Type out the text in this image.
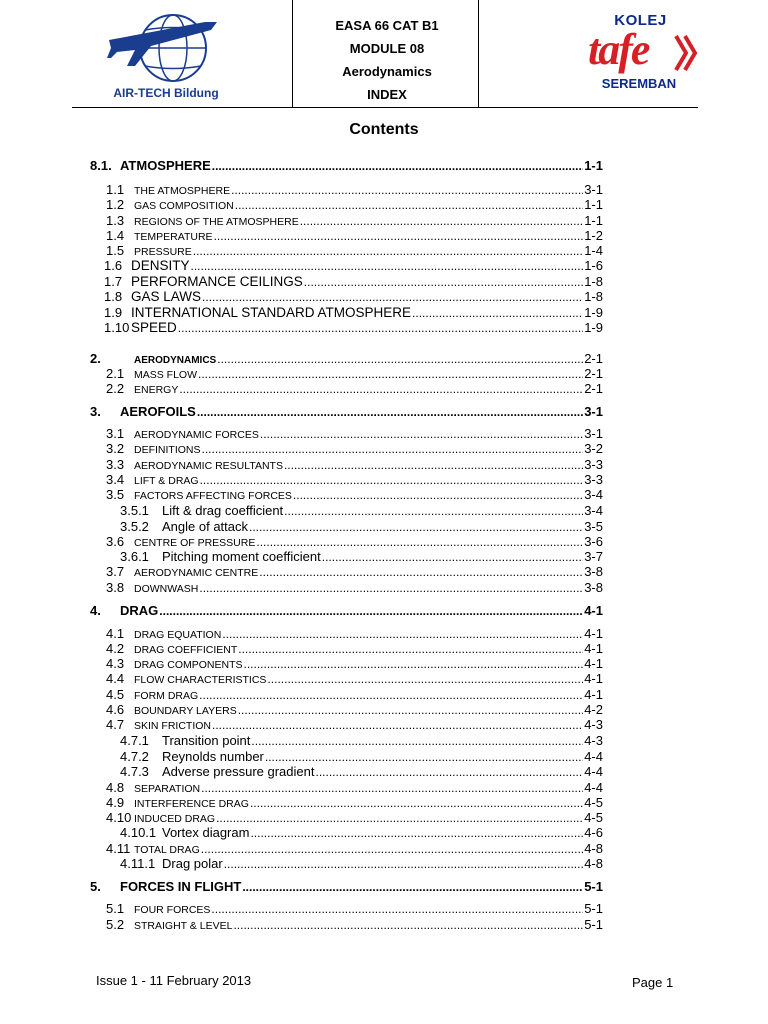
AIR-TECH Bildung
EASA 66 CAT B1
MODULE 08
Aerodynamics
INDEX
KOLEJ
tafe
SEREMBAN
Contents
8.1. ATMOSPHERE .....	1-1
1.1 THE ATMOSPHERE .....	3-1
1.2 GAS COMPOSITION .....	1-1
1.3 REGIONS OF THE ATMOSPHERE .....	1-1
1.4 TEMPERATURE .....	1-2
1.5 PRESSURE .....	1-4
1.6 DENSITY .....	1-6
1.7 PERFORMANCE CEILINGS .....	1-8
1.8 GAS LAWS .....	1-8
1.9 INTERNATIONAL STANDARD ATMOSPHERE .....	1-9
1.10 SPEED .....	1-9
2.	AERODYNAMICS .....	2-1
2.1 MASS FLOW .....	2-1
2.2 ENERGY .....	2-1
3.	AEROFOILS .....	3-1
3.1 AERODYNAMIC FORCES .....	3-1
3.2 DEFINITIONS .....	3-2
3.3 AERODYNAMIC RESULTANTS .....	3-3
3.4 LIFT & DRAG .....	3-3
3.5 FACTORS AFFECTING FORCES .....	3-4
3.5.1	Lift & drag coefficient .....	3-4
3.5.2	Angle of attack .....	3-5
3.6 CENTRE OF PRESSURE .....	3-6
3.6.1	Pitching moment coefficient .....	3-7
3.7 AERODYNAMIC CENTRE .....	3-8
3.8 DOWNWASH .....	3-8
4.	DRAG .....	4-1
4.1 DRAG EQUATION .....	4-1
4.2 DRAG COEFFICIENT .....	4-1
4.3 DRAG COMPONENTS .....	4-1
4.4 FLOW CHARACTERISTICS .....	4-1
4.5 FORM DRAG .....	4-1
4.6 BOUNDARY LAYERS .....	4-2
4.7 SKIN FRICTION .....	4-3
4.7.1	Transition point .....	4-3
4.7.2	Reynolds number .....	4-4
4.7.3	Adverse pressure gradient .....	4-4
4.8 SEPARATION .....	4-4
4.9 INTERFERENCE DRAG .....	4-5
4.10 INDUCED DRAG .....	4-5
4.10.1 Vortex diagram .....	4-6
4.11 TOTAL DRAG .....	4-8
4.11.1 Drag polar .....	4-8
5.	FORCES IN FLIGHT .....	5-1
5.1 FOUR FORCES .....	5-1
5.2 STRAIGHT & LEVEL .....	5-1
Issue 1 - 11 February 2013	Page 1
